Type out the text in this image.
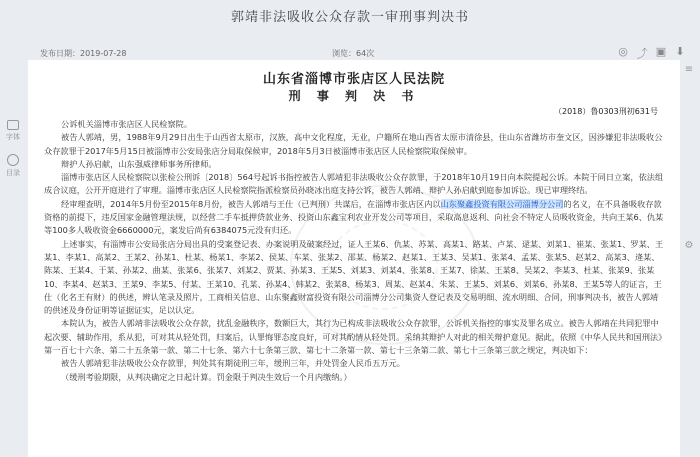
郭靖非法吸收公众存款一审刑事判决书
发布日期：2019-07-28	浏览：64次	◎ ⤴ ▣ ⬇
字体
目录
≡
⚙
山东省淄博市张店区人民法院
刑 事 判 决 书
（2018）鲁0303刑初631号

公诉机关淄博市张店区人民检察院。

被告人郭靖，男，1988年9月29日出生于山西省太原市，汉族，高中文化程度，无业，户籍所在地山西省太原市清徐县，住山东省潍坊市奎文区，因涉嫌犯非法吸收公众存款罪于2017年5月15日被淄博市公安局张店分局取保候审，2018年5月3日被淄博市张店区人民检察院取保候审。

辩护人孙启献，山东强威律师事务所律师。

淄博市张店区人民检察院以张检公刑诉〔2018〕564号起诉书指控被告人郭靖犯非法吸收公众存款罪，于2018年10月19日向本院提起公诉。本院于同日立案，依法组成合议庭，公开开庭进行了审理。淄博市张店区人民检察院指派检察员孙晓冰出庭支持公诉，被告人郭靖、辩护人孙启献到庭参加诉讼。现已审理终结。

经审理查明，2014年5月份至2015年8月份，被告人郭靖与王仕（已判刑）共谋后，在淄博市张店区内以山东聚鑫投资有限公司淄博分公司的名义，在不具备吸收存款资格的前提下，违反国家金融管理法规，以经营二手车抵押贷款业务、投资山东鑫宝利农业开发公司等项目，采取高息返利、向社会不特定人员吸收资金，共向王某6、仇某等100多人吸收资金6660000元，案发后尚有6384075元没有归还。

上述事实，有淄博市公安局张店分局出具的受案登记表、办案说明及破案经过，证人王某6、仇某、苏某、高某1、路某、卢某、逯某、刘某1、崔某、张某1、罗某、王某1、李某1、高某2、王某2、孙某1、杜某、杨某1、李某2、侯某、车某、张某2、邵某、杨某2、赵某1、王某3、吴某1、张某4、孟某、张某5、赵某2、高某3、逄某、陈某、王某4、于某、孙某2、曲某、张某6、张某7、刘某2、贾某、孙某3、王某5、刘某3、刘某4、张某8、王某7、徐某、王某8、吴某2、李某3、杜某、张某9、张某10、李某4、赵某3、王某9、李某5、付某、王某10、孔某、孙某4、韩某2、张某8、杨某3、周某、赵某4、朱某、王某5、刘某6、刘某6、孙某8、王某5等人的证言，王仕（化名王有财）的供述，辨认笔录及照片，工商相关信息、山东聚鑫财富投资有限公司淄博分公司集资人登记表及交易明细、流水明细、合同，刑事判决书，被告人郭靖的供述及身份证明等证据证实，足以认定。

本院认为，被告人郭靖非法吸收公众存款，扰乱金融秩序，数额巨大，其行为已构成非法吸收公众存款罪，公诉机关指控的事实及罪名成立。被告人郭靖在共同犯罪中起次要、辅助作用，系从犯，可对其从轻处罚，归案后，认罪悔罪态度良好，可对其酌情从轻处罚。采纳其辩护人对此的相关辩护意见。据此，依照《中华人民共和国刑法》第一百七十六条、第二十五条第一款、第二十七条、第六十七条第三款、第七十二条第一款、第七十三条第二款、第七十三条第三款之规定，判决如下：

被告人郭靖犯非法吸收公众存款罪，判处其有期徒刑三年，缓刑三年，并处罚金人民币五万元。

（缓刑考验期限，从判决确定之日起计算。罚金限于判决生效后一个月内缴纳。）
